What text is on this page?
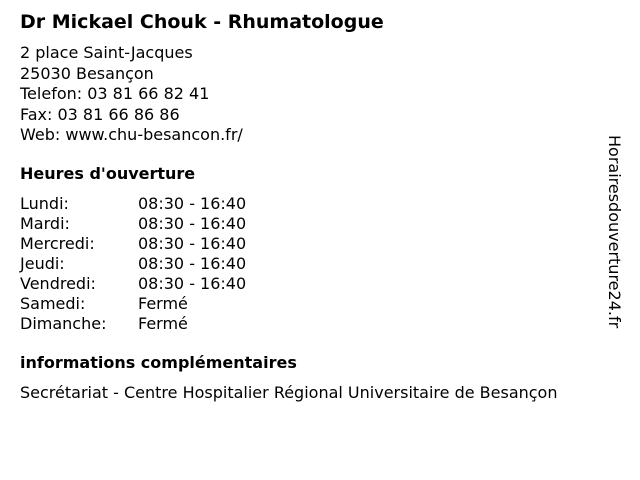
Dr Mickael Chouk - Rhumatologue
2 place Saint-Jacques
25030 Besançon
Telefon: 03 81 66 82 41
Fax: 03 81 66 86 86
Web: www.chu-besancon.fr/
Heures d'ouverture
Lundi:	08:30 - 16:40
Mardi:	08:30 - 16:40
Mercredi:	08:30 - 16:40
Jeudi:	08:30 - 16:40
Vendredi:	08:30 - 16:40
Samedi:	Fermé
Dimanche:	Fermé
informations complémentaires
Secrétariat - Centre Hospitalier Régional Universitaire de Besançon
Horairesdouverture24.fr
